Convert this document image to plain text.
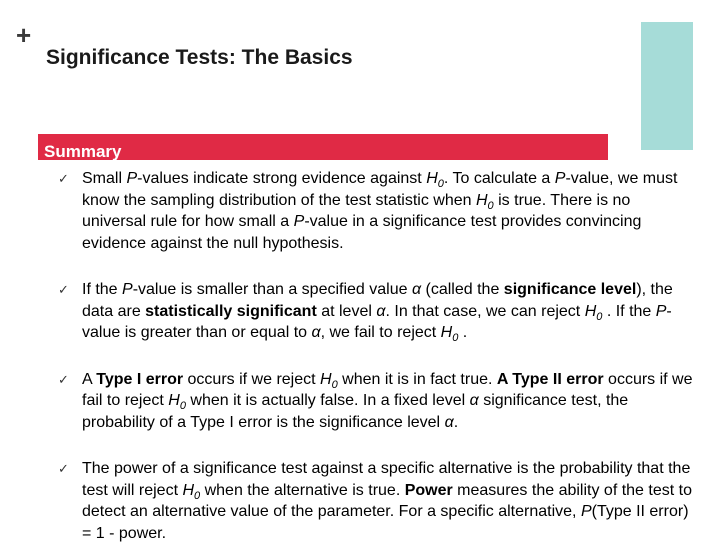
+
Significance Tests: The Basics
Summary
✓ Small P-values indicate strong evidence against $H_0$. To calculate a P-value, we must know the sampling distribution of the test statistic when $H_0$ is true. There is no universal rule for how small a P-value in a significance test provides convincing evidence against the null hypothesis.
✓ If the P-value is smaller than a specified value α (called the significance level), the data are statistically significant at level α. In that case, we can reject $H_0$ . If the P-value is greater than or equal to α, we fail to reject $H_0$ .
✓ A Type I error occurs if we reject $H_0$ when it is in fact true. A Type II error occurs if we fail to reject $H_0$ when it is actually false. In a fixed level α significance test, the probability of a Type I error is the significance level α.
✓ The power of a significance test against a specific alternative is the probability that the test will reject $H_0$ when the alternative is true. Power measures the ability of the test to detect an alternative value of the parameter. For a specific alternative, P(Type II error) = 1 - power.
